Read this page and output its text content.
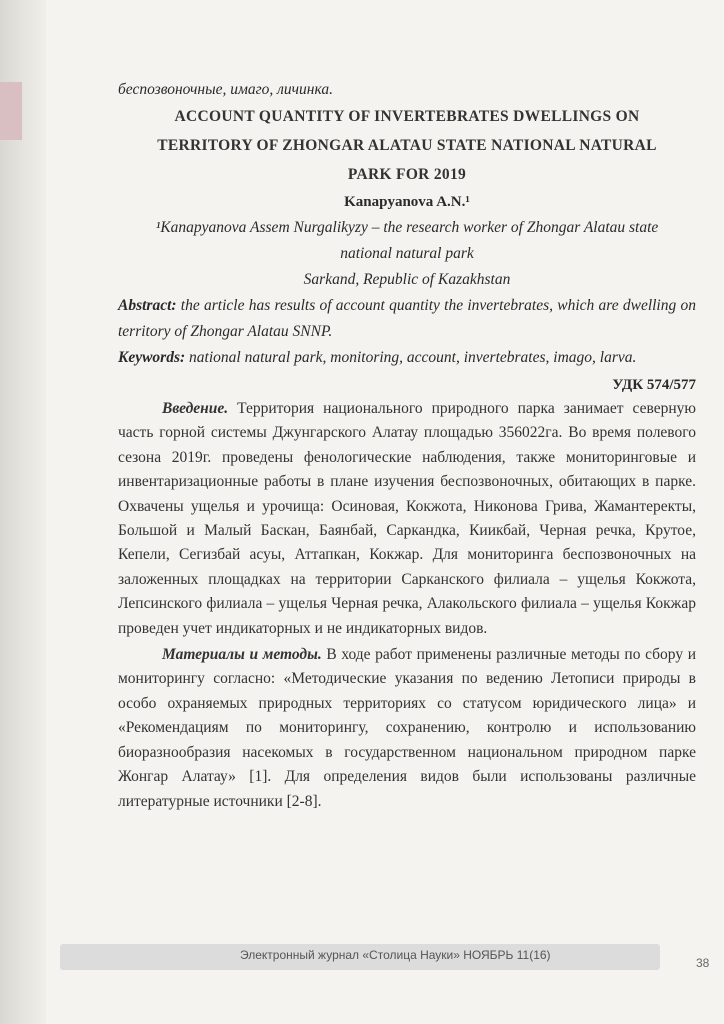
беспозвоночные, имаго, личинка.
ACCOUNT QUANTITY OF INVERTEBRATES DWELLINGS ON
TERRITORY OF ZHONGAR ALATAU STATE NATIONAL NATURAL
PARK FOR 2019
Kanapyanova A.N.¹
¹Kanapyanova Assem Nurgalikyzy – the research worker of Zhongar Alatau state
national natural park
Sarkand, Republic of Kazakhstan
Abstract: the article has results of account quantity the invertebrates, which are dwelling on territory of Zhongar Alatau SNNP.
Keywords: national natural park, monitoring, account, invertebrates, imago, larva.
УДК 574/577

Введение. Территория национального природного парка занимает северную часть горной системы Джунгарского Алатау площадью 356022га. Во время полевого сезона 2019г. проведены фенологические наблюдения, также мониторинговые и инвентаризационные работы в плане изучения беспозвоночных, обитающих в парке. Охвачены ущелья и урочища: Осиновая, Кокжота, Никонова Грива, Жамантеректы, Большой и Малый Баскан, Баянбай, Саркандка, Киикбай, Черная речка, Крутое, Кепели, Сегизбай асуы, Аттапкан, Кокжар. Для мониторинга беспозвоночных на заложенных площадках на территории Сарканского филиала – ущелья Кокжота, Лепсинского филиала – ущелья Черная речка, Алакольского филиала – ущелья Кокжар проведен учет индикаторных и не индикаторных видов.

Материалы и методы. В ходе работ применены различные методы по сбору и мониторингу согласно: «Методические указания по ведению Летописи природы в особо охраняемых природных территориях со статусом юридического лица» и «Рекомендациям по мониторингу, сохранению, контролю и использованию биоразнообразия насекомых в государственном национальном природном парке Жонгар Алатау» [1]. Для определения видов были использованы различные литературные источники [2-8].

Электронный журнал «Столица Науки» НОЯБРЬ 11(16)
38
